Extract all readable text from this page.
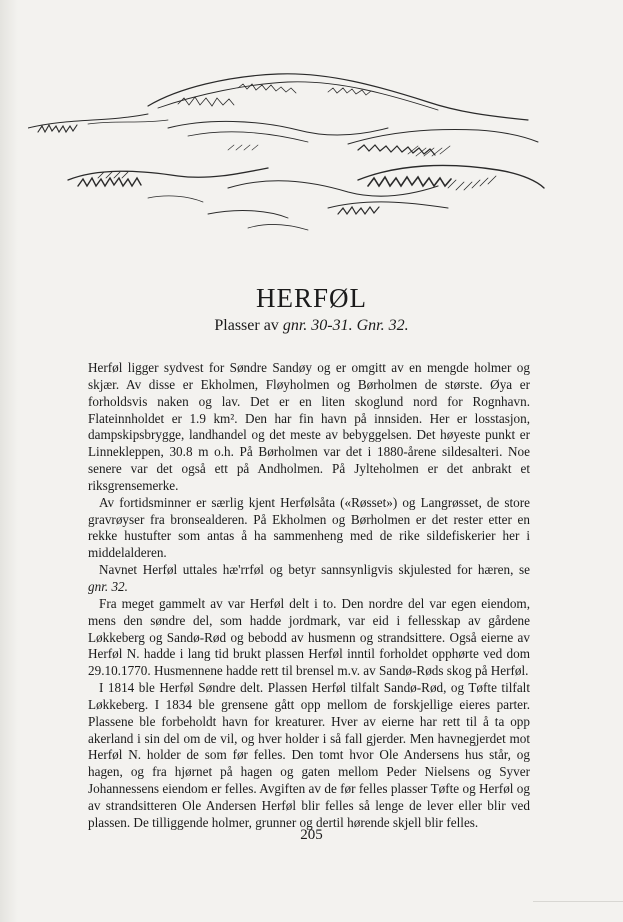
HERFØL

Plasser av gnr. 30-31. Gnr. 32.

Herføl ligger sydvest for Søndre Sandøy og er omgitt av en mengde holmer og skjær. Av disse er Ekholmen, Fløyholmen og Børholmen de største. Øya er forholdsvis naken og lav. Det er en liten skoglund nord for Rognhavn. Flateinnholdet er 1.9 km². Den har fin havn på innsiden. Her er losstasjon, dampskipsbrygge, landhandel og det meste av bebyggelsen. Det høyeste punkt er Linnekleppen, 30.8 m o.h. På Børholmen var det i 1880-årene sildesalteri. Noe senere var det også ett på Andholmen. På Jylteholmen er det anbrakt et riksgrensemerke.

Av fortidsminner er særlig kjent Herfølsåta («Røsset») og Langrøsset, de store gravrøyser fra bronsealderen. På Ekholmen og Børholmen er det rester etter en rekke hustufter som antas å ha sammenheng med de rike sildefiskerier her i middelalderen.

Navnet Herføl uttales hæ'rrføl og betyr sannsynligvis skjulested for hæren, se gnr. 32.

Fra meget gammelt av var Herføl delt i to. Den nordre del var egen eiendom, mens den søndre del, som hadde jordmark, var eid i fellesskap av gårdene Løkkeberg og Sandø-Rød og bebodd av husmenn og strandsittere. Også eierne av Herføl N. hadde i lang tid brukt plassen Herføl inntil forholdet opphørte ved dom 29.10.1770. Husmennene hadde rett til brensel m.v. av Sandø-Røds skog på Herføl.

I 1814 ble Herføl Søndre delt. Plassen Herføl tilfalt Sandø-Rød, og Tøfte tilfalt Løkkeberg. I 1834 ble grensene gått opp mellom de forskjellige eieres parter. Plassene ble forbeholdt havn for kreaturer. Hver av eierne har rett til å ta opp akerland i sin del om de vil, og hver holder i så fall gjerder. Men havnegjerdet mot Herføl N. holder de som før felles. Den tomt hvor Ole Andersens hus står, og hagen, og fra hjørnet på hagen og gaten mellom Peder Nielsens og Syver Johannessens eiendom er felles. Avgiften av de før felles plasser Tøfte og Herføl og av strandsitteren Ole Andersen Herføl blir felles så lenge de lever eller blir ved plassen. De tilliggende holmer, grunner og dertil hørende skjell blir felles.

205
